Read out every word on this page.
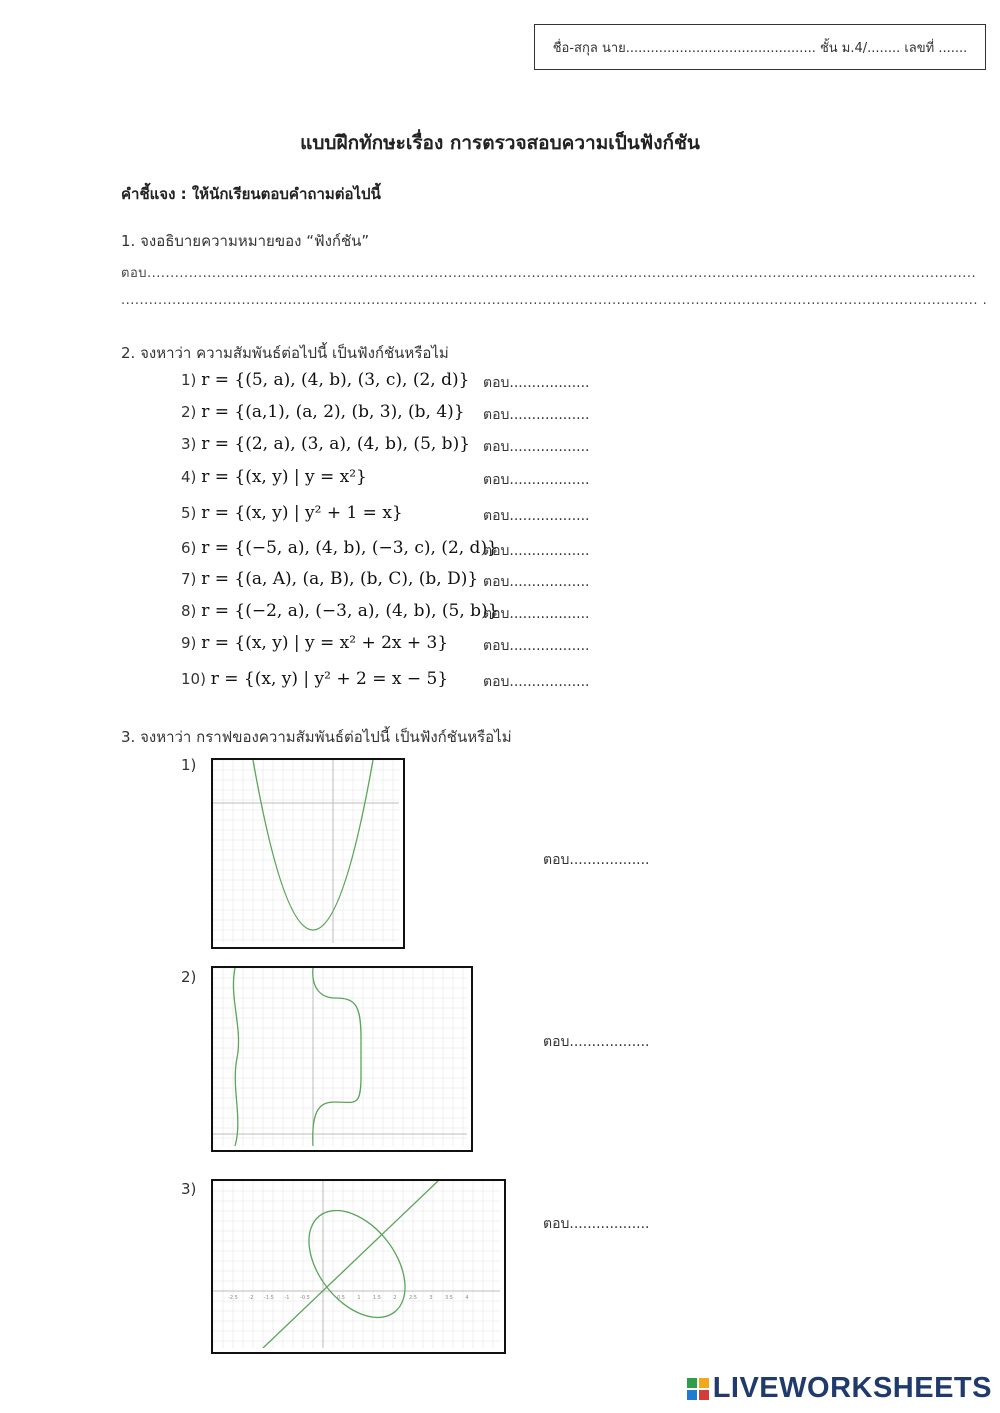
ชื่อ-สกุล นาย.............................................. ชั้น ม.4/........ เลขที่ .......
แบบฝึกทักษะเรื่อง การตรวจสอบความเป็นฟังก์ชัน
คำชี้แจง : ให้นักเรียนตอบคำถามต่อไปนี้
1. จงอธิบายความหมายของ “ฟังก์ชัน”
ตอบ...................................................................................................................................................................................
......................................................................................................................................................................................... .
2. จงหาว่า ความสัมพันธ์ต่อไปนี้ เป็นฟังก์ชันหรือไม่
1) r = {(5, a), (4, b), (3, c), (2, d)} ตอบ..................
2) r = {(a,1), (a, 2), (b, 3), (b, 4)} ตอบ..................
3) r = {(2, a), (3, a), (4, b), (5, b)} ตอบ..................
4) r = {(x, y) | y = x²}	ตอบ..................
5) r = {(x, y) | y² + 1 = x}	ตอบ..................
6) r = {(−5, a), (4, b), (−3, c), (2, d)}
ตอบ..................
7) r = {(a, A), (a, B), (b, C), (b, D)} ตอบ..................
8) r = {(−2, a), (−3, a), (4, b), (5, b)}
ตอบ..................
9) r = {(x, y) | y = x² + 2x + 3} ตอบ..................
10) r = {(x, y) | y² + 2 = x − 5} ตอบ..................
3. จงหาว่า กราฟของความสัมพันธ์ต่อไปนี้ เป็นฟังก์ชันหรือไม่
1)
ตอบ..................
2)
ตอบ..................
3)
-2.5 -2 -1.5 -1 -0.5	0.5 1 1.5 2 2.5 3 3.5 4
ตอบ..................
LIVEWORKSHEETS
